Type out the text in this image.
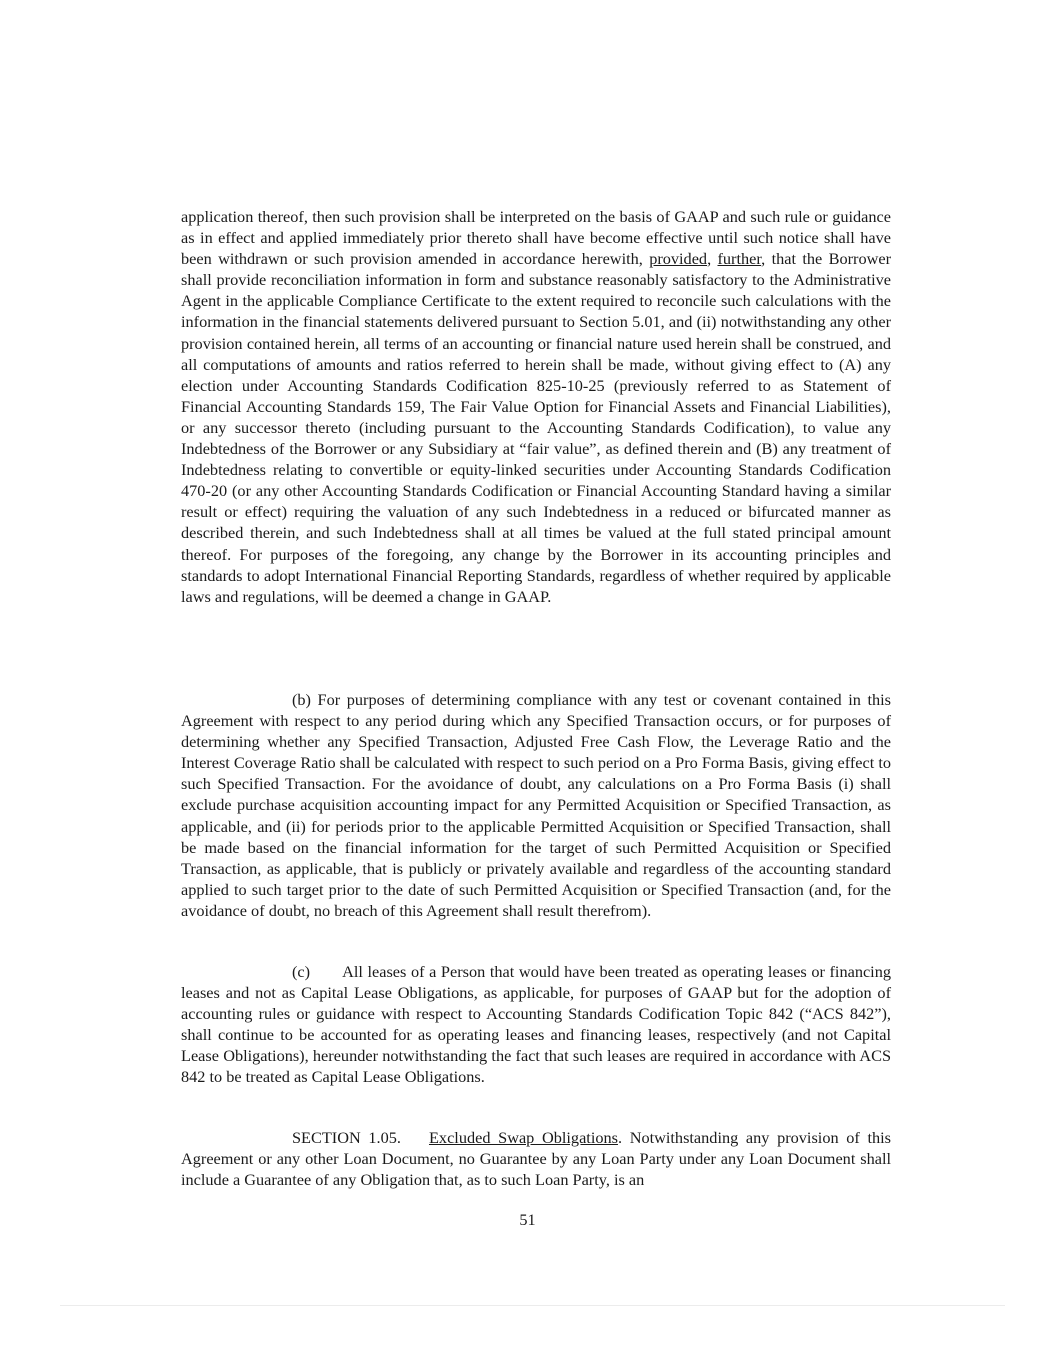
application thereof, then such provision shall be interpreted on the basis of GAAP and such rule or guidance as in effect and applied immediately prior thereto shall have become effective until such notice shall have been withdrawn or such provision amended in accordance herewith, provided, further, that the Borrower shall provide reconciliation information in form and substance reasonably satisfactory to the Administrative Agent in the applicable Compliance Certificate to the extent required to reconcile such calculations with the information in the financial statements delivered pursuant to Section 5.01, and (ii) notwithstanding any other provision contained herein, all terms of an accounting or financial nature used herein shall be construed, and all computations of amounts and ratios referred to herein shall be made, without giving effect to (A) any election under Accounting Standards Codification 825-10-25 (previously referred to as Statement of Financial Accounting Standards 159, The Fair Value Option for Financial Assets and Financial Liabilities), or any successor thereto (including pursuant to the Accounting Standards Codification), to value any Indebtedness of the Borrower or any Subsidiary at “fair value”, as defined therein and (B) any treatment of Indebtedness relating to convertible or equity-linked securities under Accounting Standards Codification 470-20 (or any other Accounting Standards Codification or Financial Accounting Standard having a similar result or effect) requiring the valuation of any such Indebtedness in a reduced or bifurcated manner as described therein, and such Indebtedness shall at all times be valued at the full stated principal amount thereof. For purposes of the foregoing, any change by the Borrower in its accounting principles and standards to adopt International Financial Reporting Standards, regardless of whether required by applicable laws and regulations, will be deemed a change in GAAP.

(b) For purposes of determining compliance with any test or covenant contained in this Agreement with respect to any period during which any Specified Transaction occurs, or for purposes of determining whether any Specified Transaction, Adjusted Free Cash Flow, the Leverage Ratio and the Interest Coverage Ratio shall be calculated with respect to such period on a Pro Forma Basis, giving effect to such Specified Transaction. For the avoidance of doubt, any calculations on a Pro Forma Basis (i) shall exclude purchase acquisition accounting impact for any Permitted Acquisition or Specified Transaction, as applicable, and (ii) for periods prior to the applicable Permitted Acquisition or Specified Transaction, shall be made based on the financial information for the target of such Permitted Acquisition or Specified Transaction, as applicable, that is publicly or privately available and regardless of the accounting standard applied to such target prior to the date of such Permitted Acquisition or Specified Transaction (and, for the avoidance of doubt, no breach of this Agreement shall result therefrom).

(c) All leases of a Person that would have been treated as operating leases or financing leases and not as Capital Lease Obligations, as applicable, for purposes of GAAP but for the adoption of accounting rules or guidance with respect to Accounting Standards Codification Topic 842 (“ACS 842”), shall continue to be accounted for as operating leases and financing leases, respectively (and not Capital Lease Obligations), hereunder notwithstanding the fact that such leases are required in accordance with ACS 842 to be treated as Capital Lease Obligations.

SECTION 1.05. Excluded Swap Obligations. Notwithstanding any provision of this Agreement or any other Loan Document, no Guarantee by any Loan Party under any Loan Document shall include a Guarantee of any Obligation that, as to such Loan Party, is an

51
